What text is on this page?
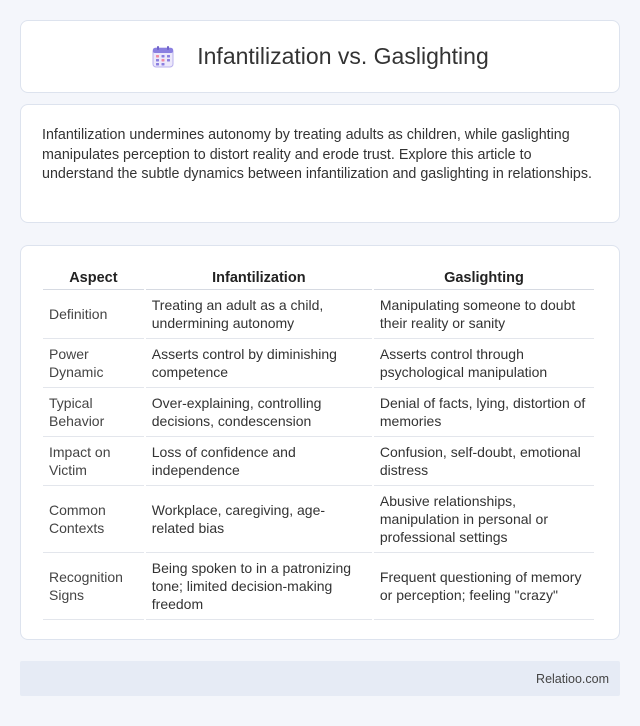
Infantilization vs. Gaslighting

Infantilization undermines autonomy by treating adults as children, while gaslighting manipulates perception to distort reality and erode trust. Explore this article to understand the subtle dynamics between infantilization and gaslighting in relationships.

Aspect	Infantilization	Gaslighting
Definition	Treating an adult as a child, undermining autonomy	Manipulating someone to doubt their reality or sanity
Power Dynamic	Asserts control by diminishing competence	Asserts control through psychological manipulation
Typical Behavior	Over-explaining, controlling decisions, condescension	Denial of facts, lying, distortion of memories
Impact on Victim	Loss of confidence and independence	Confusion, self-doubt, emotional distress
Common Contexts	Workplace, caregiving, age-related bias	Abusive relationships, manipulation in personal or professional settings
Recognition Signs	Being spoken to in a patronizing tone; limited decision-making freedom	Frequent questioning of memory or perception; feeling "crazy"
Relatioo.com
